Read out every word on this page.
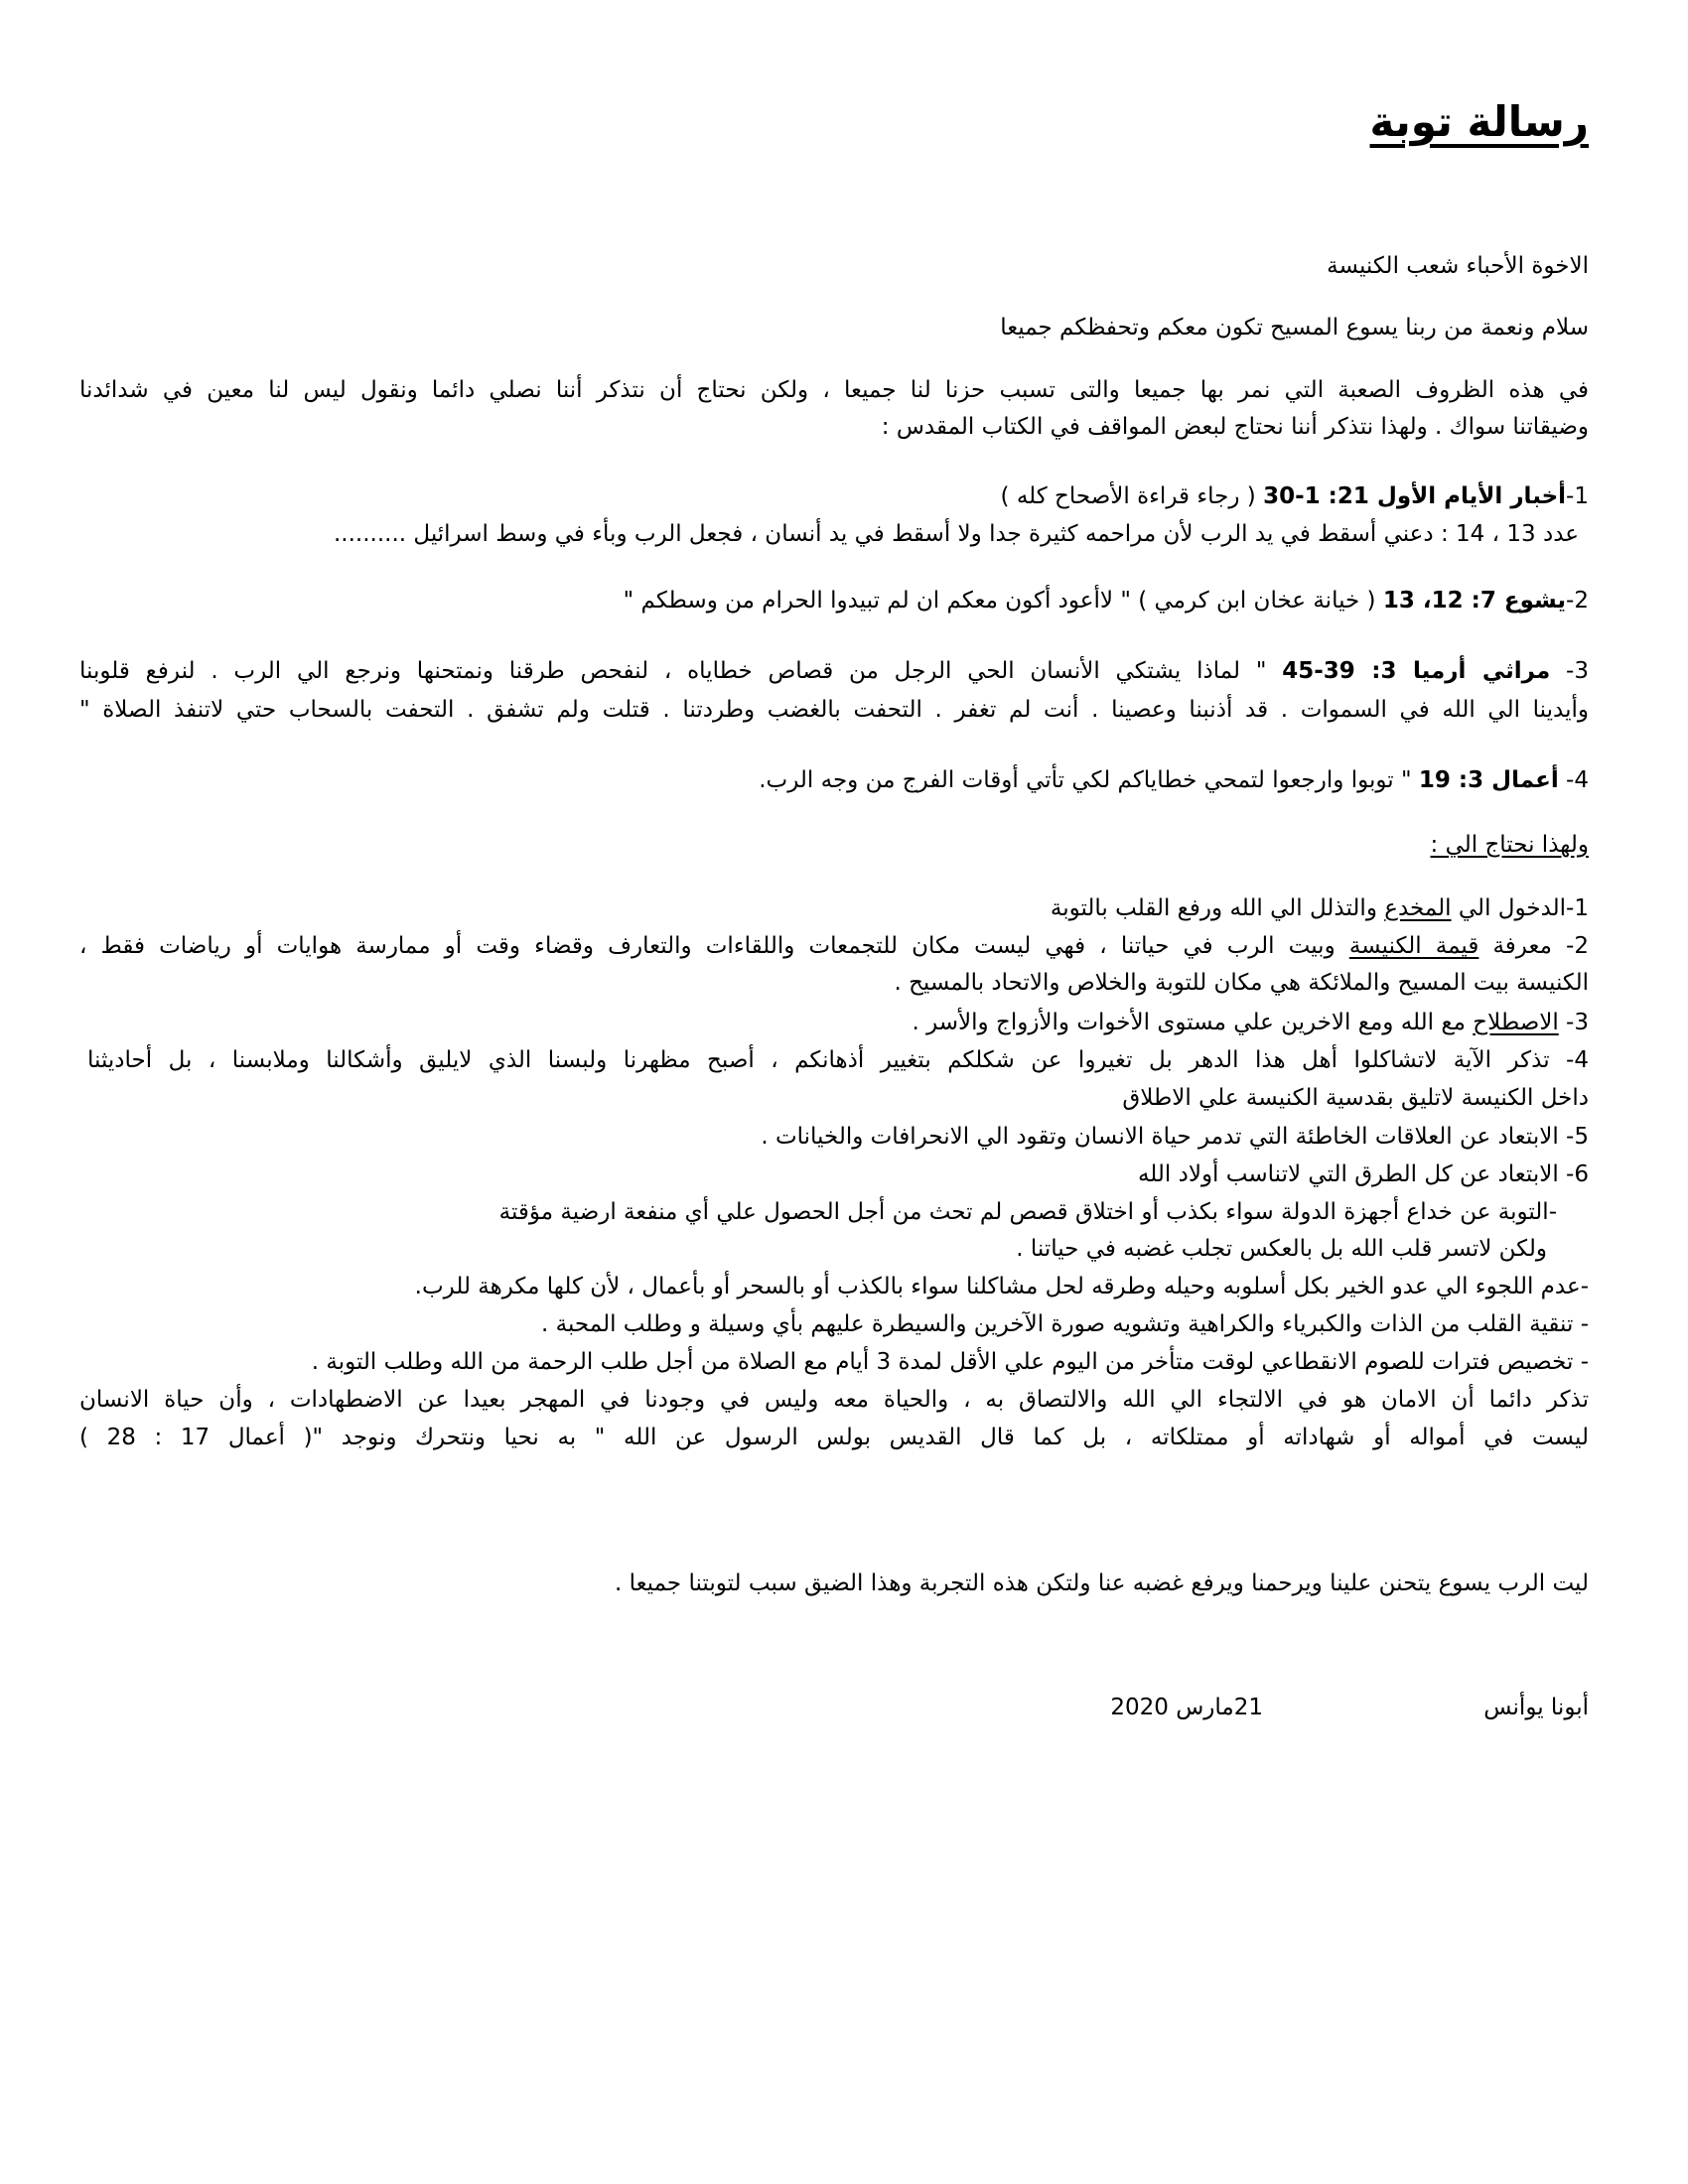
رسالة توبة
الاخوة الأحباء شعب الكنيسة
سلام ونعمة من ربنا يسوع المسيح تكون معكم وتحفظكم جميعا
في هذه الظروف الصعبة التي نمر بها جميعا والتى تسبب حزنا لنا جميعا ، ولكن نحتاج أن نتذكر أننا نصلي دائما ونقول ليس لنا معين في شدائدنا
وضيقاتنا سواك . ولهذا نتذكر أننا نحتاج لبعض المواقف في الكتاب المقدس :
1-أخبار الأيام الأول 21: 1-30 ( رجاء قراءة الأصحاح كله )
عدد 13 ، 14 : دعني أسقط في يد الرب لأن مراحمه كثيرة جدا ولا أسقط في يد أنسان ، فجعل الرب وبأء في وسط اسرائيل ..........
2-يشوع 7: 12، 13 ( خيانة عخان ابن كرمي ) " لاأعود أكون معكم ان لم تبيدوا الحرام من وسطكم "
3- مراثي أرميا 3: 39-45 " لماذا يشتكي الأنسان الحي الرجل من قصاص خطاياه ، لنفحص طرقنا ونمتحنها ونرجع الي الرب . لنرفع قلوبنا
وأيدينا الي الله في السموات . قد أذنبنا وعصينا . أنت لم تغفر . التحفت بالغضب وطردتنا . قتلت ولم تشفق . التحفت بالسحاب حتي لاتنفذ الصلاة "
4- أعمال 3: 19 " توبوا وارجعوا لتمحي خطاياكم لكي تأتي أوقات الفرج من وجه الرب.
ولهذا نحتاج الي :
1-الدخول الي المخدع والتذلل الي الله ورفع القلب بالتوبة
2- معرفة قيمة الكنيسة وبيت الرب في حياتنا ، فهي ليست مكان للتجمعات واللقاءات والتعارف وقضاء وقت أو ممارسة هوايات أو رياضات فقط ،
الكنيسة بيت المسيح والملائكة هي مكان للتوبة والخلاص والاتحاد بالمسيح .
3- الاصطلاح مع الله ومع الاخرين علي مستوى الأخوات والأزواج والأسر .
4- تذكر الآية لاتشاكلوا أهل هذا الدهر بل تغيروا عن شكلكم بتغيير أذهانكم ، أصبح مظهرنا ولبسنا الذي لايليق وأشكالنا وملابسنا ، بل أحاديثنا
داخل الكنيسة لاتليق بقدسية الكنيسة علي الاطلاق
5- الابتعاد عن العلاقات الخاطئة التي تدمر حياة الانسان وتقود الي الانحرافات والخيانات .
6- الابتعاد عن كل الطرق التي لاتناسب أولاد الله
-التوبة عن خداع أجهزة الدولة سواء بكذب أو اختلاق قصص لم تحث من أجل الحصول علي أي منفعة ارضية مؤقتة
ولكن لاتسر قلب الله بل بالعكس تجلب غضبه في حياتنا .
-عدم اللجوء الي عدو الخير بكل أسلوبه وحيله وطرقه لحل مشاكلنا سواء بالكذب أو بالسحر أو بأعمال ، لأن كلها مكرهة للرب.
- تنقية القلب من الذات والكبرياء والكراهية وتشويه صورة الآخرين والسيطرة عليهم بأي وسيلة و وطلب المحبة .
- تخصيص فترات للصوم الانقطاعي لوقت متأخر من اليوم علي الأقل لمدة 3 أيام مع الصلاة من أجل طلب الرحمة من الله وطلب التوبة .
تذكر دائما أن الامان هو في الالتجاء الي الله والالتصاق به ، والحياة معه وليس في وجودنا في المهجر بعيدا عن الاضطهادات ، وأن حياة الانسان
ليست في أمواله أو شهاداته أو ممتلكاته ، بل كما قال القديس بولس الرسول عن الله " به نحيا ونتحرك ونوجد "( أعمال 17 : 28 )
ليت الرب يسوع يتحنن علينا ويرحمنا ويرفع غضبه عنا ولتكن هذه التجربة وهذا الضيق سبب لتوبتنا جميعا .
أبونا يوأنس
21مارس 2020
